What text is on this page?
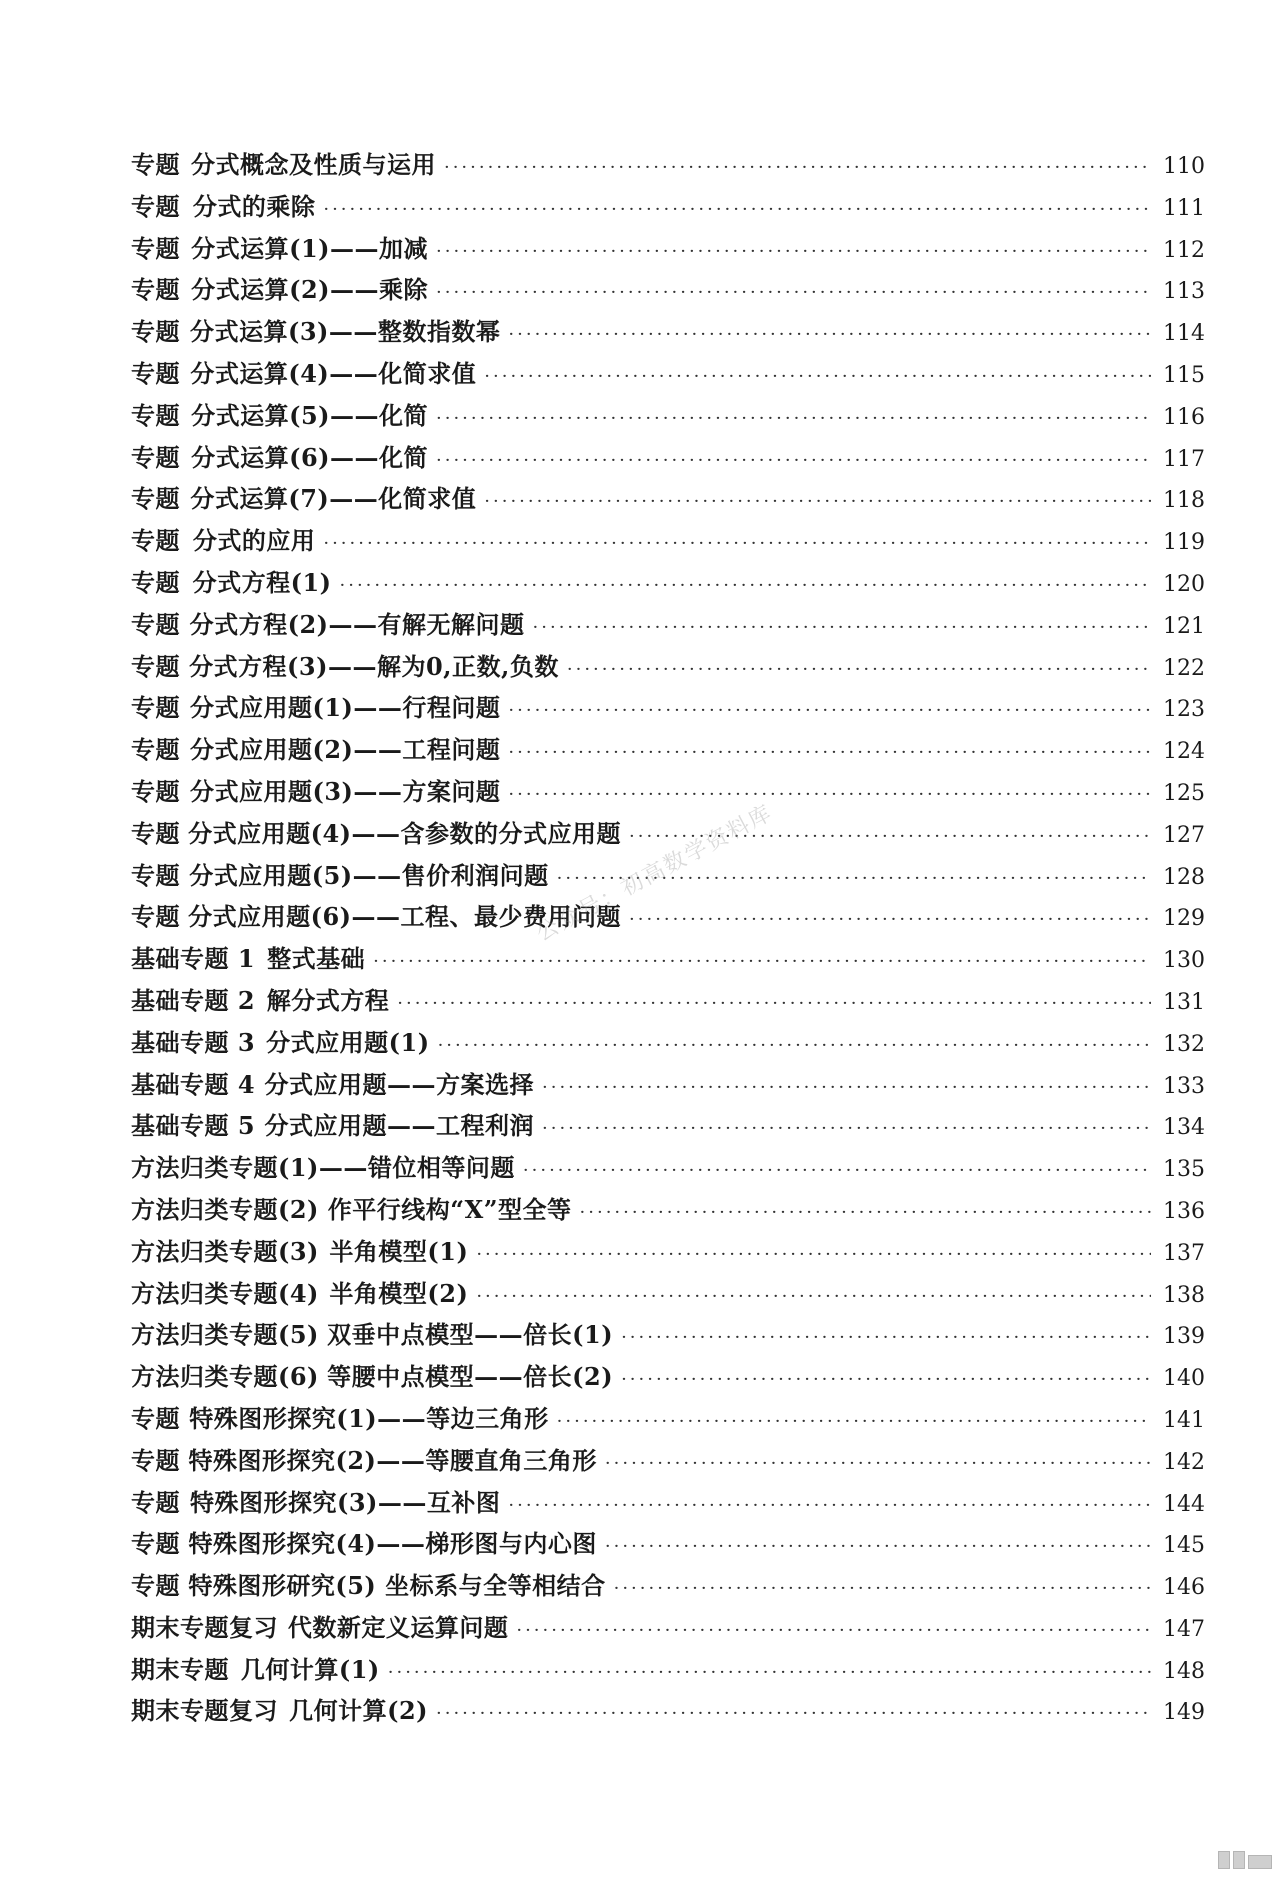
专题 分式概念及性质与运用 ·····	110
专题 分式的乘除 ·····	111
专题 分式运算(1)——加减 ·····	112
专题 分式运算(2)——乘除 ·····	113
专题 分式运算(3)——整数指数幂 ·····	114
专题 分式运算(4)——化简求值 ·····	115
专题 分式运算(5)——化简 ·····	116
专题 分式运算(6)——化简 ·····	117
专题 分式运算(7)——化简求值 ·····	118
专题 分式的应用 ·····	119
专题 分式方程(1) ·····	120
专题 分式方程(2)——有解无解问题 ·····	121
专题 分式方程(3)——解为0,正数,负数 ·····	122
专题 分式应用题(1)——行程问题 ·····	123
专题 分式应用题(2)——工程问题 ·····	124
专题 分式应用题(3)——方案问题 ·····	125
专题 分式应用题(4)——含参数的分式应用题 ·····	127
专题 分式应用题(5)——售价利润问题 ·····	128
专题 分式应用题(6)——工程、最少费用问题 ·····	129
基础专题 1 整式基础 ·····	130
基础专题 2 解分式方程 ·····	131
基础专题 3 分式应用题(1) ·····	132
基础专题 4 分式应用题——方案选择 ·····	133
基础专题 5 分式应用题——工程利润 ·····	134
方法归类专题(1)——错位相等问题 ·····	135
方法归类专题(2) 作平行线构“X”型全等 ·····	136
方法归类专题(3) 半角模型(1) ·····	137
方法归类专题(4) 半角模型(2) ·····	138
方法归类专题(5) 双垂中点模型——倍长(1) ·····	139
方法归类专题(6) 等腰中点模型——倍长(2) ·····	140
专题 特殊图形探究(1)——等边三角形 ·····	141
专题 特殊图形探究(2)——等腰直角三角形 ·····	142
专题 特殊图形探究(3)——互补图 ·····	144
专题 特殊图形探究(4)——梯形图与内心图 ·····	145
专题 特殊图形研究(5) 坐标系与全等相结合 ·····	146
期末专题复习 代数新定义运算问题 ·····	147
期末专题 几何计算(1) ·····	148
期末专题复习 几何计算(2) ·····	149
公众号：初高数学资料库
